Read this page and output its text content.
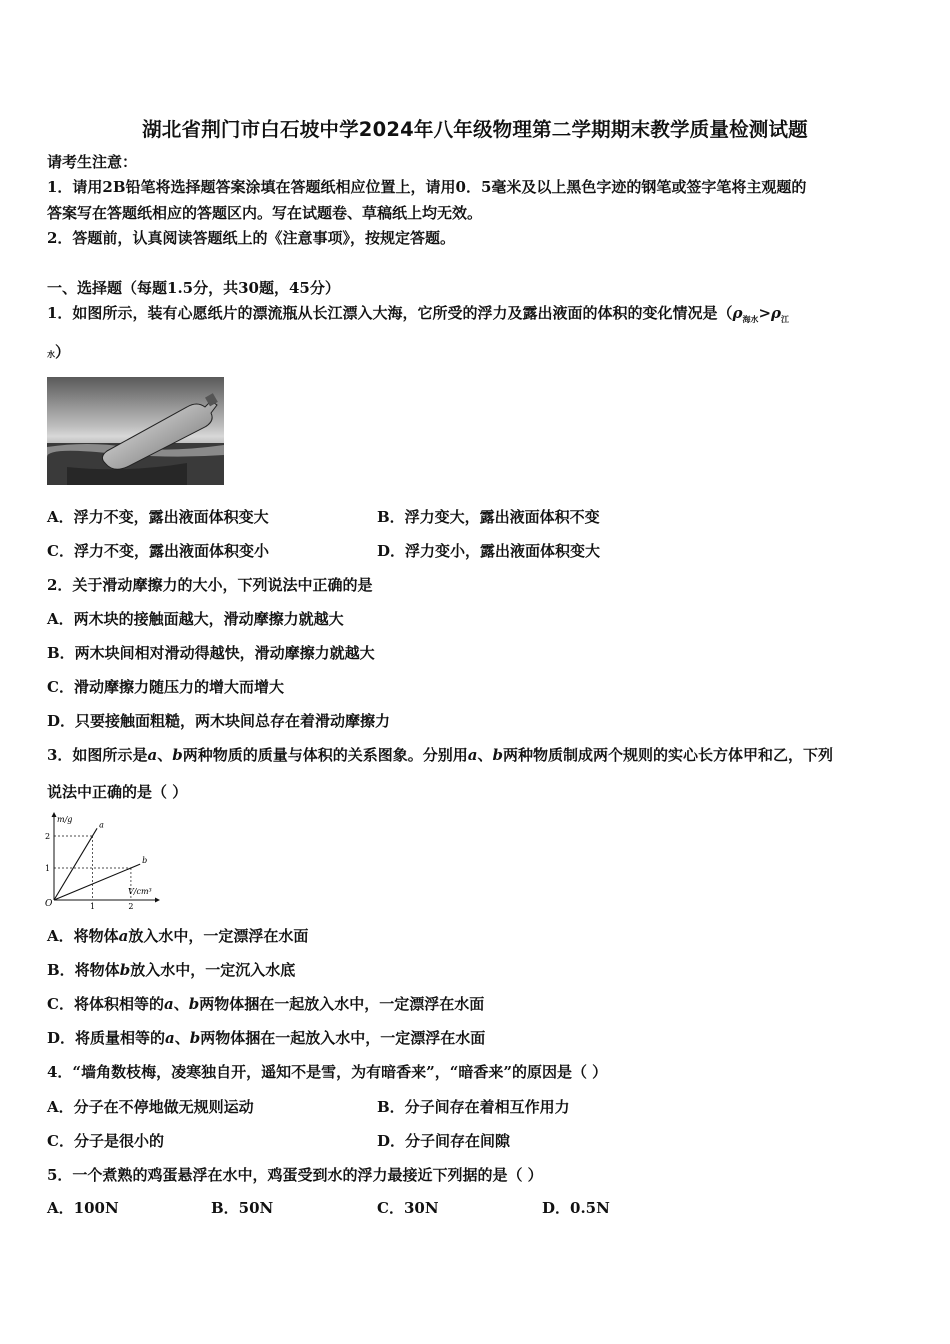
湖北省荆门市白石坡中学2024年八年级物理第二学期期末教学质量检测试题
请考生注意：
1．请用2B铅笔将选择题答案涂填在答题纸相应位置上，请用0．5毫米及以上黑色字迹的钢笔或签字笔将主观题的
答案写在答题纸相应的答题区内。写在试题卷、草稿纸上均无效。
2．答题前，认真阅读答题纸上的《注意事项》，按规定答题。
一、选择题（每题1.5分，共30题，45分）
1．如图所示，装有心愿纸片的漂流瓶从长江漂入大海，它所受的浮力及露出液面的体积的变化情况是（$\rho_{海水}>\rho_江$
水）
A．浮力不变，露出液面体积变大	B．浮力变大，露出液面体积不变
C．浮力不变，露出液面体积变小	D．浮力变小，露出液面体积变大
2．关于滑动摩擦力的大小，下列说法中正确的是
A．两木块的接触面越大，滑动摩擦力就越大
B．两木块间相对滑动得越快，滑动摩擦力就越大
C．滑动摩擦力随压力的增大而增大
D．只要接触面粗糙，两木块间总存在着滑动摩擦力
3．如图所示是a、b两种物质的质量与体积的关系图象。分别用a、b两种物质制成两个规则的实心长方体甲和乙，下列
说法中正确的是（ ）
m/g
V/cm³
O	1	2
1
2
a
b
A．将物体a放入水中，一定漂浮在水面
B．将物体b放入水中，一定沉入水底
C．将体积相等的a、b两物体捆在一起放入水中，一定漂浮在水面
D．将质量相等的a、b两物体捆在一起放入水中，一定漂浮在水面
4．“墙角数枝梅，凌寒独自开，遥知不是雪，为有暗香来”，“暗香来”的原因是（ ）
A．分子在不停地做无规则运动	B．分子间存在着相互作用力
C．分子是很小的	D．分子间存在间隙
5．一个煮熟的鸡蛋悬浮在水中，鸡蛋受到水的浮力最接近下列据的是（ ）
A．100N	B．50N	C．30N	D．0.5N
